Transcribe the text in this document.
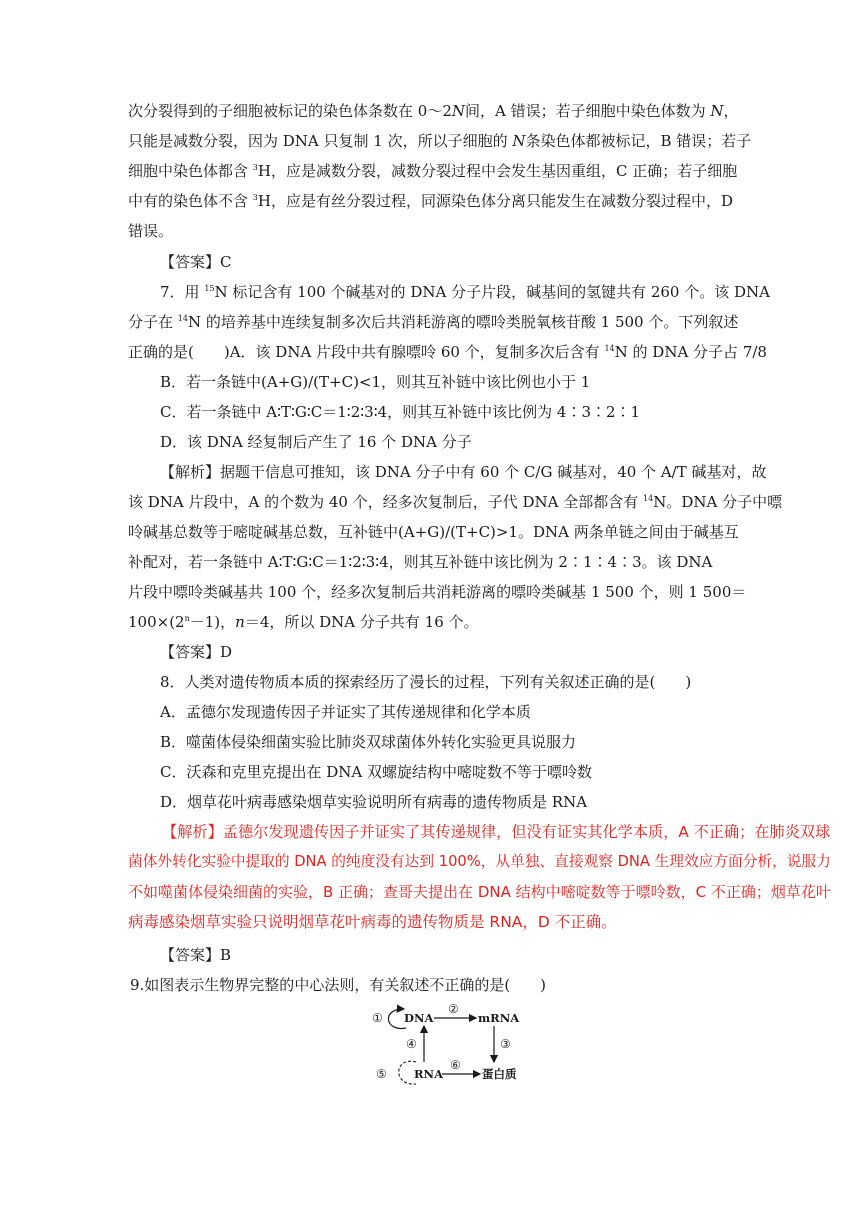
次分裂得到的子细胞被标记的染色体条数在 0～2N间，A 错误；若子细胞中染色体数为 N，
只能是减数分裂，因为 DNA 只复制 1 次，所以子细胞的 N条染色体都被标记，B 错误；若子
细胞中染色体都含 $^3$H，应是减数分裂，减数分裂过程中会发生基因重组，C 正确；若子细胞
中有的染色体不含 $^3$H，应是有丝分裂过程，同源染色体分离只能发生在减数分裂过程中，D
错误。
【答案】C
7．用 $^{15}$N 标记含有 100 个碱基对的 DNA 分子片段，碱基间的氢键共有 260 个。该 DNA
分子在 $^{14}$N 的培养基中连续复制多次后共消耗游离的嘌呤类脱氧核苷酸 1 500 个。下列叙述
正确的是(　　)A．该 DNA 片段中共有腺嘌呤 60 个，复制多次后含有 $^{14}$N 的 DNA 分子占 7/8
B．若一条链中(A+G)/(T+C)<1，则其互补链中该比例也小于 1
C．若一条链中 A∶T∶G∶C＝1∶2∶3∶4，则其互补链中该比例为 4∶3∶2∶1
D．该 DNA 经复制后产生了 16 个 DNA 分子
【解析】据题干信息可推知，该 DNA 分子中有 60 个 C/G 碱基对，40 个 A/T 碱基对，故
该 DNA 片段中，A 的个数为 40 个，经多次复制后，子代 DNA 全部都含有 $^{14}$N。DNA 分子中嘌
呤碱基总数等于嘧啶碱基总数，互补链中(A+G)/(T+C)>1。DNA 两条单链之间由于碱基互
补配对，若一条链中 A∶T∶G∶C＝1∶2∶3∶4，则其互补链中该比例为 2∶1∶4∶3。该 DNA
片段中嘌呤类碱基共 100 个，经多次复制后共消耗游离的嘌呤类碱基 1 500 个，则 1 500＝
$100\times(2^n-1)$，n＝4，所以 DNA 分子共有 16 个。
【答案】D
8．人类对遗传物质本质的探索经历了漫长的过程，下列有关叙述正确的是(　　)
A．孟德尔发现遗传因子并证实了其传递规律和化学本质
B．噬菌体侵染细菌实验比肺炎双球菌体外转化实验更具说服力
C．沃森和克里克提出在 DNA 双螺旋结构中嘧啶数不等于嘌呤数
D．烟草花叶病毒感染烟草实验说明所有病毒的遗传物质是 RNA
【解析】孟德尔发现遗传因子并证实了其传递规律，但没有证实其化学本质，A 不正确；在肺炎双球
菌体外转化实验中提取的 DNA 的纯度没有达到 100%，从单独、直接观察 DNA 生理效应方面分析，说服力
不如噬菌体侵染细菌的实验，B 正确；查哥夫提出在 DNA 结构中嘧啶数等于嘌呤数，C 不正确；烟草花叶
病毒感染烟草实验只说明烟草花叶病毒的遗传物质是 RNA，D 不正确。
【答案】B
9.如图表示生物界完整的中心法则，有关叙述不正确的是(　　)
① DNA
②
mRNA
③
④
⑤ RNA
⑥
蛋白质
